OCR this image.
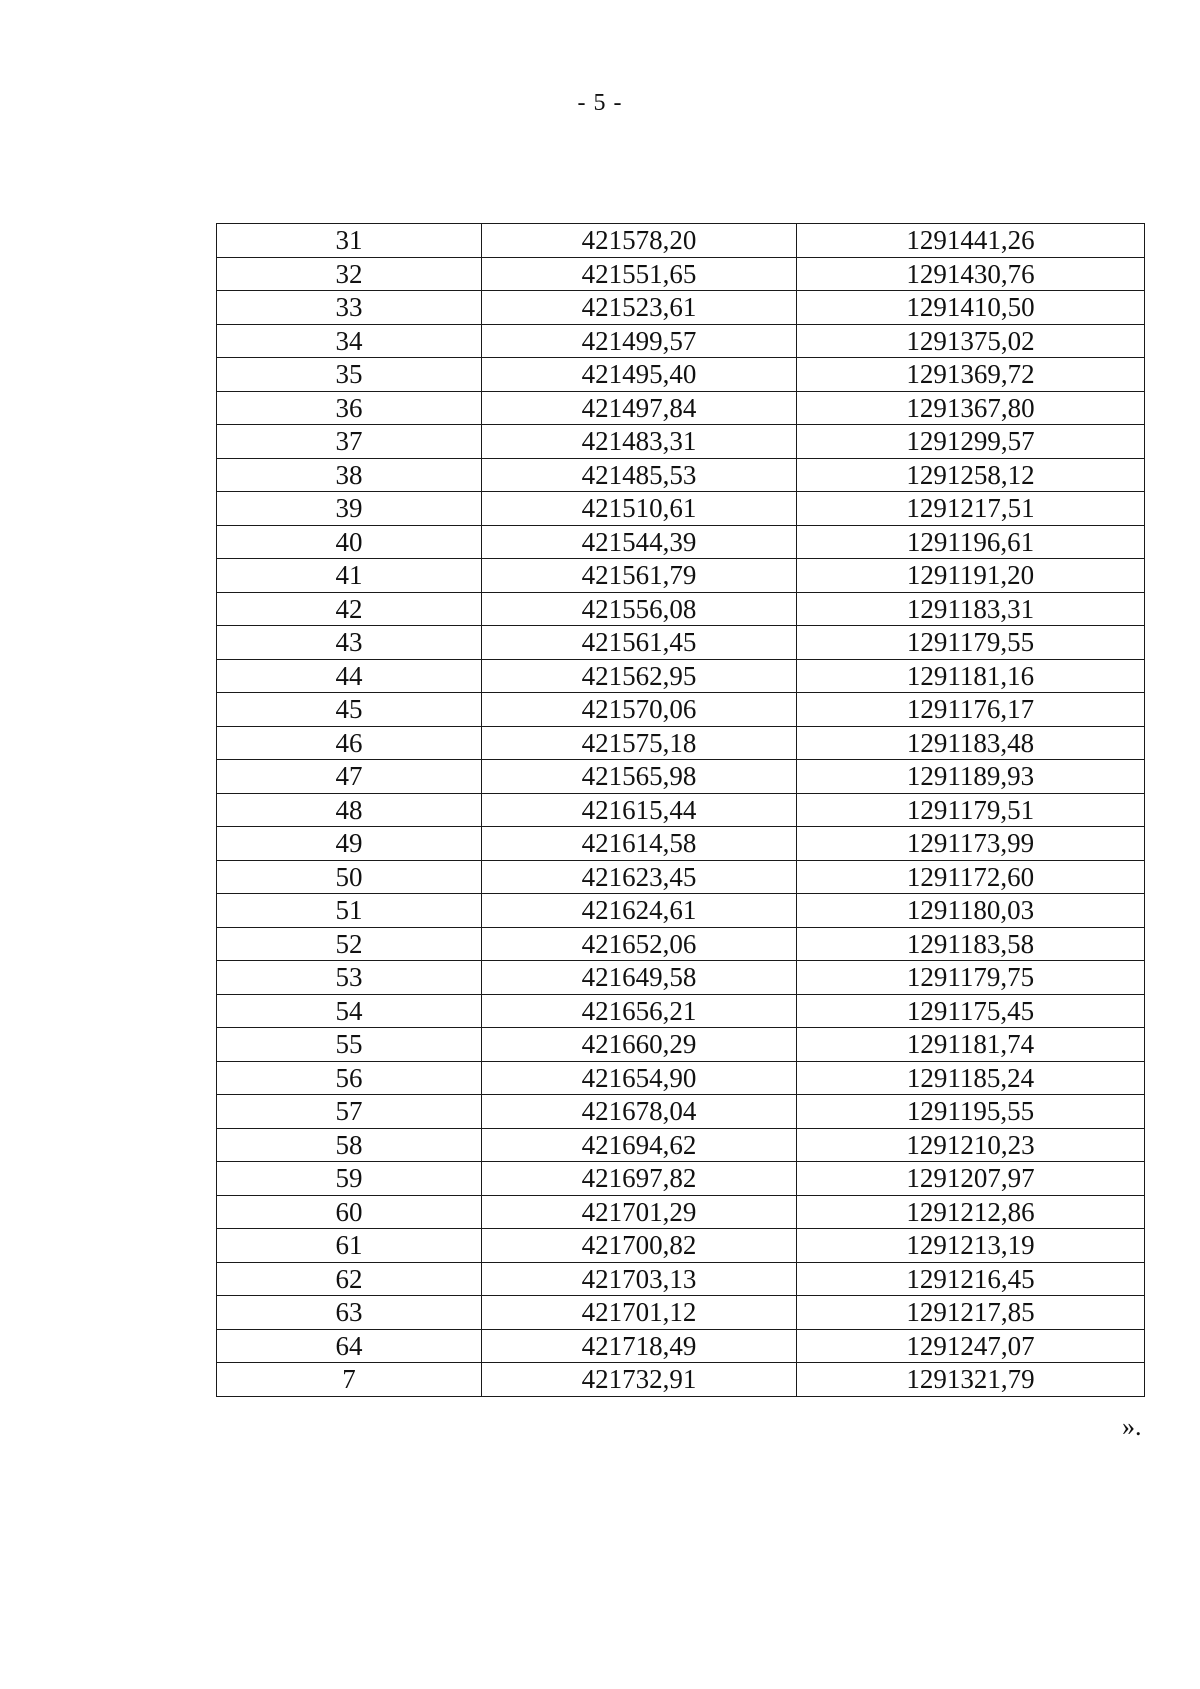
- 5 -
31	421578,20	1291441,26
32	421551,65	1291430,76
33	421523,61	1291410,50
34	421499,57	1291375,02
35	421495,40	1291369,72
36	421497,84	1291367,80
37	421483,31	1291299,57
38	421485,53	1291258,12
39	421510,61	1291217,51
40	421544,39	1291196,61
41	421561,79	1291191,20
42	421556,08	1291183,31
43	421561,45	1291179,55
44	421562,95	1291181,16
45	421570,06	1291176,17
46	421575,18	1291183,48
47	421565,98	1291189,93
48	421615,44	1291179,51
49	421614,58	1291173,99
50	421623,45	1291172,60
51	421624,61	1291180,03
52	421652,06	1291183,58
53	421649,58	1291179,75
54	421656,21	1291175,45
55	421660,29	1291181,74
56	421654,90	1291185,24
57	421678,04	1291195,55
58	421694,62	1291210,23
59	421697,82	1291207,97
60	421701,29	1291212,86
61	421700,82	1291213,19
62	421703,13	1291216,45
63	421701,12	1291217,85
64	421718,49	1291247,07
7	421732,91	1291321,79
».
